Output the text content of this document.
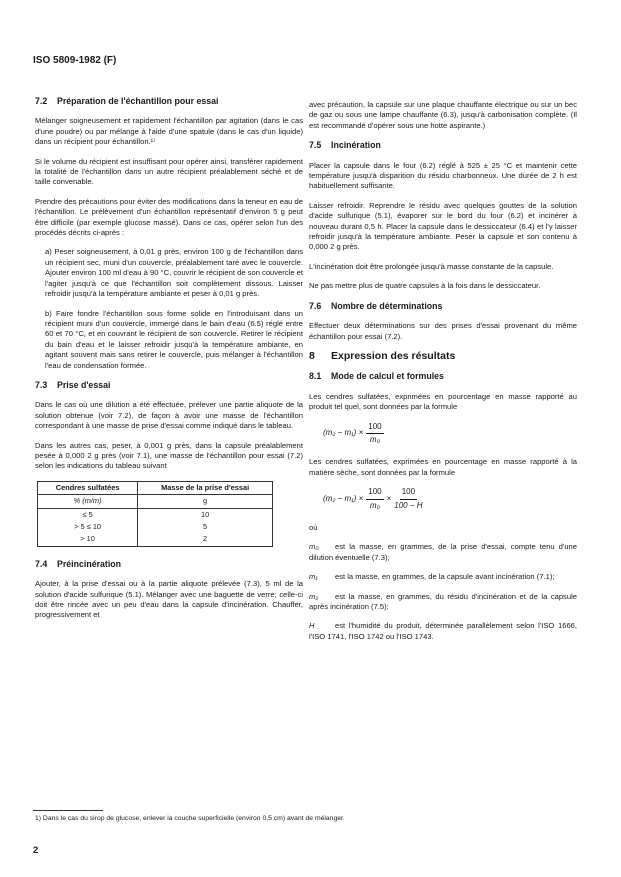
ISO 5809-1982 (F)
7.2 Préparation de l'échantillon pour essai

Mélanger soigneusement et rapidement l'échantillon par agitation (dans le cas d'une poudre) ou par mélange à l'aide d'une spatule (dans le cas d'un liquide) dans un récipient pour échantillon.¹⁾

Si le volume du récipient est insuffisant pour opérer ainsi, transférer rapidement la totalité de l'échantillon dans un autre récipient préalablement séché et de taille convenable.

Prendre des précautions pour éviter des modifications dans la teneur en eau de l'échantillon. Le prélèvement d'un échantillon représentatif d'environ 5 g peut être difficile (par exemple glucose massé). Dans ce cas, opérer selon l'un des procédés décrits ci-après :

a) Peser soigneusement, à 0,01 g près, environ 100 g de l'échantillon dans un récipient sec, muni d'un couvercle, préalablement taré avec le couvercle. Ajouter environ 100 ml d'eau à 90 °C, couvrir le récipient de son couvercle et l'agiter jusqu'à ce que l'échantillon soit complètement dissous. Laisser refroidir jusqu'à la température ambiante et peser à 0,01 g près.

b) Faire fondre l'échantillon sous forme solide en l'introduisant dans un récipient muni d'un couvercle, immergé dans le bain d'eau (6.5) réglé entre 60 et 70 °C, et en couvrant le récipient de son couvercle. Retirer le récipient du bain d'eau et le laisser refroidir jusqu'à la température ambiante, en agitant souvent mais sans retirer le couvercle, puis mélanger à l'échantillon l'eau de condensation formée.

7.3 Prise d'essai

Dans le cas où une dilution a été effectuée, prélever une partie aliquote de la solution obtenue (voir 7.2), de façon à avoir une masse de l'échantillon correspondant à une masse de prise d'essai comme indiqué dans le tableau.

Dans les autres cas, peser, à 0,001 g près, dans la capsule préalablement pesée à 0,000 2 g près (voir 7.1), une masse de l'échantillon pour essai (7.2) selon les indications du tableau suivant

Cendres sulfatées	Masse de la prise d'essai
% (m/m)	g
≤ 5	10
> 5 ≤ 10	5
> 10	2
7.4 Préincinération

Ajouter, à la prise d'essai ou à la partie aliquote prélevée (7.3), 5 ml de la solution d'acide sulfurique (5.1). Mélanger avec une baguette de verre; celle-ci doit être rincée avec un peu d'eau dans la capsule d'incinération. Chauffer, progressivement et

avec précaution, la capsule sur une plaque chauffante électrique ou sur un bec de gaz ou sous une lampe chauffante (6.3), jusqu'à carbonisation complète. (Il est recommandé d'opérer sous une hotte aspirante.)

7.5 Incinération

Placer la capsule dans le four (6.2) réglé à 525 ± 25 °C et maintenir cette température jusqu'à disparition du résidu charbonneux. Une durée de 2 h est habituellement suffisante.

Laisser refroidir. Reprendre le résidu avec quelques gouttes de la solution d'acide sulfurique (5.1), évaporer sur le bord du four (6.2) et incinérer à nouveau durant 0,5 h. Placer la capsule dans le dessiccateur (6.4) et l'y laisser refroidir jusqu'à la température ambiante. Peser la capsule et son contenu à 0,000 2 g près.

L'incinération doit être prolongée jusqu'à masse constante de la capsule.

Ne pas mettre plus de quatre capsules à la fois dans le dessiccateur.

7.6 Nombre de déterminations

Effectuer deux déterminations sur des prises d'essai provenant du même échantillon pour essai (7.2).

8 Expression des résultats
8.1 Mode de calcul et formules

Les cendres sulfatées, exprimées en pourcentage en masse rapporté au produit tel quel, sont données par la formule

$(m_2 - m_1) \times \frac{100}{\text{m₀}}$

Les cendres sulfatées, exprimées en pourcentage en masse rapporté à la matière sèche, sont données par la formule

$(m_2 - m_1) \times \frac{100}{\text{m₀}} \times \frac{100}{100 - H}$

où

m₀ est la masse, en grammes, de la prise d'essai, compte tenu d'une dilution éventuelle (7.3);

m₁ est la masse, en grammes, de la capsule avant incinération (7.1);

m₂ est la masse, en grammes, du résidu d'incinération et de la capsule après incinération (7.5);

H	est l'humidité du produit, déterminée parallèlement selon l'ISO 1666, l'ISO 1741, l'ISO 1742 ou l'ISO 1743.

1) Dans le cas du sirop de glucose, enlever la couche superficielle (environ 0,5 cm) avant de mélanger.
2
